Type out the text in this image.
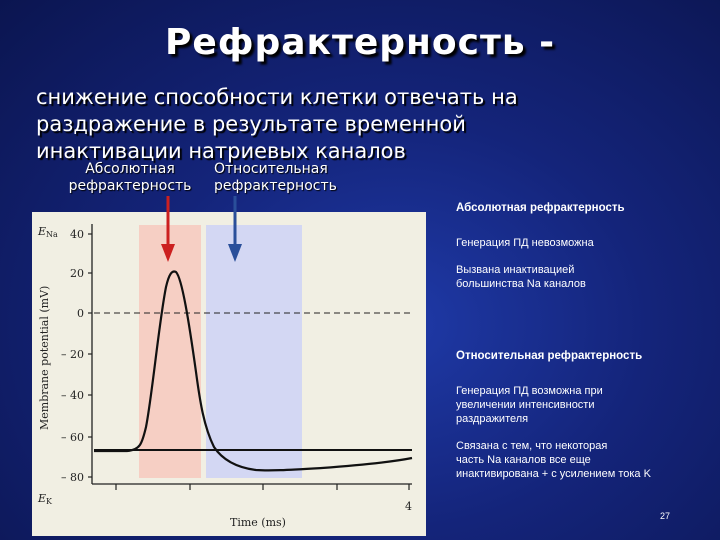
Рефрактерность -
снижение способности клетки отвечать на
раздражение в результате временной
инактивации натриевых каналов
Абсолютная
рефрактерность
Относительная
рефрактерность
40
20
0
– 20
– 40
– 60
– 80
ENa
EK
Membrane potential (mV)
4
Time (ms)
Абсолютная рефрактерность
Генерация ПД невозможна
Вызвана инактивацией
большинства Na каналов
Относительная рефрактерность
Генерация ПД возможна при
увеличении интенсивности
раздражителя
Связана с тем, что некоторая
часть Na каналов все еще
инактивирована + с усилением тока K
27
